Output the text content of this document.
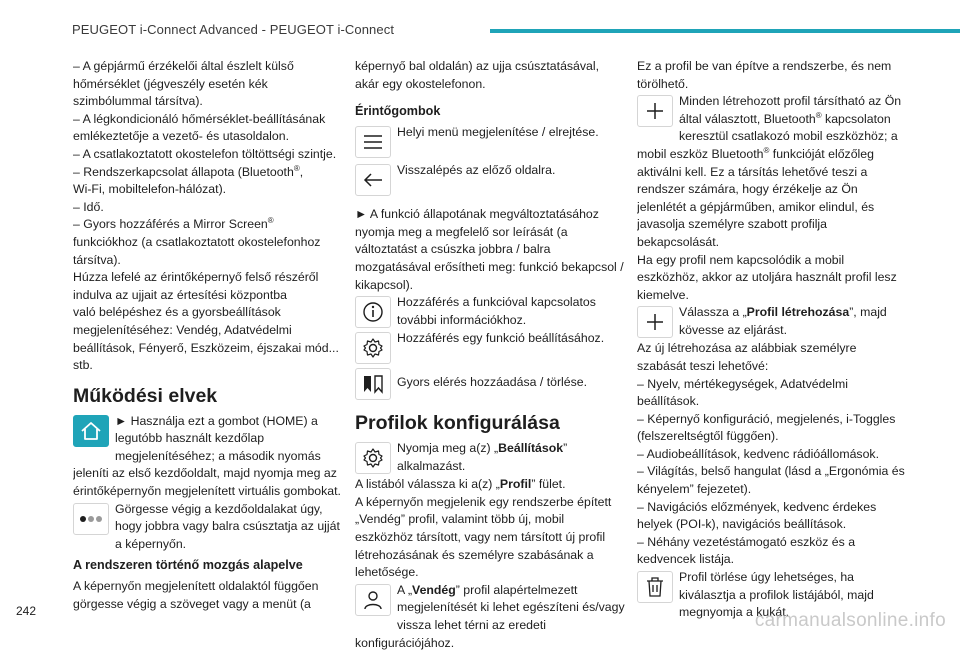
PEUGEOT i-Connect Advanced - PEUGEOT i-Connect

– A gépjármű érzékelői által észlelt külső

hőmérséklet (jégveszély esetén kék

szimbólummal társítva).

– A légkondicionáló hőmérséklet-beállításának

emlékeztetője a vezető- és utasoldalon.

– A csatlakoztatott okostelefon töltöttségi szintje.

– Rendszerkapcsolat állapota (Bluetooth®,

Wi-Fi, mobiltelefon-hálózat).

– Idő.

– Gyors hozzáférés a Mirror Screen®

funkciókhoz (a csatlakoztatott okostelefonhoz

társítva).

Húzza lefelé az érintőképernyő felső részéről

indulva az ujjait az értesítési központba

való belépéshez és a gyorsbeállítások

megjelenítéséhez: Vendég, Adatvédelmi

beállítások, Fényerő, Eszközeim, éjszakai mód...

stb.

Működési elvek

► Használja ezt a gombot (HOME) a legutóbb használt kezdőlap megjelenítéséhez; a második nyomás jeleníti az első kezdőoldalt, majd nyomja meg az érintőképernyőn megjelenített virtuális gombokat.

Görgesse végig a kezdőoldalakat úgy, hogy jobbra vagy balra csúsztatja az ujját a képernyőn.

A rendszeren történő mozgás alapelve

A képernyőn megjelenített oldalaktól függően görgesse végig a szöveget vagy a menüt (a

képernyő bal oldalán) az ujja csúsztatásával, akár egy okostelefonon.

Érintőgombok

Helyi menü megjelenítése / elrejtése.

Visszalépés az előző oldalra.

► A funkció állapotának megváltoztatásához nyomja meg a megfelelő sor leírását (a változtatást a csúszka jobbra / balra mozgatásával erősítheti meg: funkció bekapcsol / kikapcsol).

Hozzáférés a funkcióval kapcsolatos további információkhoz.

Hozzáférés egy funkció beállításához.

Gyors elérés hozzáadása / törlése.

Profilok konfigurálása

Nyomja meg a(z) „Beállítások” alkalmazást.

A listából válassza ki a(z) „Profil” fület.

A képernyőn megjelenik egy rendszerbe épített „Vendég” profil, valamint több új, mobil eszközhöz társított, vagy nem társított új profil létrehozásának és személyre szabásának a lehetősége.

A „Vendég” profil alapértelmezett megjelenítését ki lehet egészíteni és/vagy vissza lehet térni az eredeti konfigurációjához.

Ez a profil be van építve a rendszerbe, és nem törölhető.

Minden létrehozott profil társítható az Ön által választott, Bluetooth® kapcsolaton keresztül csatlakozó mobil eszközhöz; a mobil eszköz Bluetooth® funkcióját előzőleg aktiválni kell. Ez a társítás lehetővé teszi a rendszer számára, hogy érzékelje az Ön jelenlétét a gépjárműben, amikor elindul, és javasolja személyre szabott profilja bekapcsolását.

Ha egy profil nem kapcsolódik a mobil eszközhöz, akkor az utoljára használt profil lesz kiemelve.

Válassza a „Profil létrehozása”, majd kövesse az eljárást.

Az új létrehozása az alábbiak személyre szabását teszi lehetővé:

– Nyelv, mértékegységek, Adatvédelmi beállítások.

– Képernyő konfiguráció, megjelenés, i-Toggles (felszereltségtől függően).

– Audiobeállítások, kedvenc rádióállomások.

– Világítás, belső hangulat (lásd a „Ergonómia és kényelem” fejezetet).

– Navigációs előzmények, kedvenc érdekes helyek (POI-k), navigációs beállítások.

– Néhány vezetéstámogató eszköz és a kedvencek listája.

Profil törlése úgy lehetséges, ha kiválasztja a profilok listájából, majd megnyomja a kukát.

242	carmanualsonline.info
